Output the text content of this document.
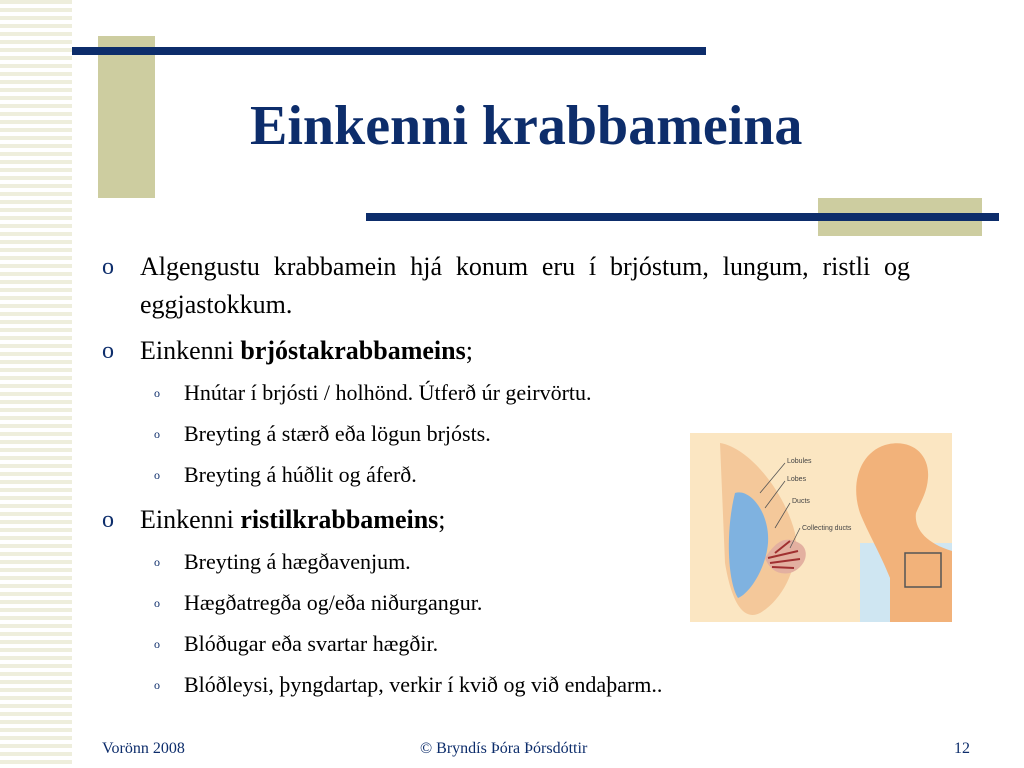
Einkenni krabbameina
o Algengustu krabbamein hjá konum eru í brjóstum, lungum, ristli og eggjastokkum.
o Einkenni brjóstakrabbameins;
o Hnútar í brjósti / holhönd. Útferð úr geirvörtu.
o Breyting á stærð eða lögun brjósts.
o Breyting á húðlit og áferð.
o Einkenni ristilkrabbameins;
o Breyting á hægðavenjum.
o Hægðatregða og/eða niðurgangur.
o Blóðugar eða svartar hægðir.
o Blóðleysi, þyngdartap, verkir í kvið og við endaþarm..
Lobules
Lobes
Ducts
Collecting ducts
Vorönn 2008	© Bryndís Þóra Þórsdóttir	12
